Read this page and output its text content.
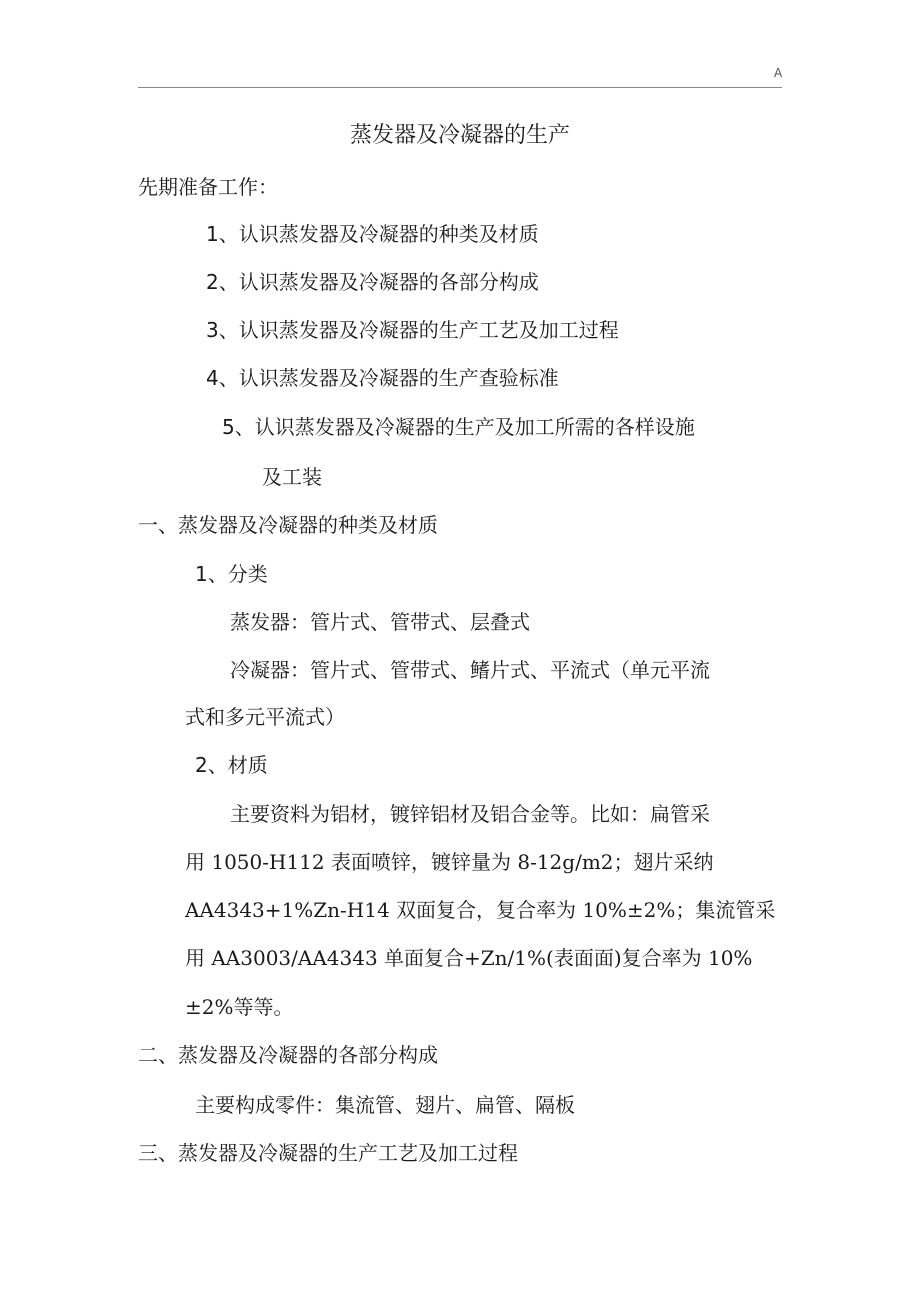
A
蒸发器及冷凝器的生产
先期准备工作：
1、认识蒸发器及冷凝器的种类及材质
2、认识蒸发器及冷凝器的各部分构成
3、认识蒸发器及冷凝器的生产工艺及加工过程
4、认识蒸发器及冷凝器的生产查验标准
5、认识蒸发器及冷凝器的生产及加工所需的各样设施
及工装
一、蒸发器及冷凝器的种类及材质
1、分类
蒸发器：管片式、管带式、层叠式
冷凝器：管片式、管带式、鳍片式、平流式（单元平流
式和多元平流式）
2、材质
主要资料为铝材，镀锌铝材及铝合金等。比如：扁管采
用 1050-H112 表面喷锌，镀锌量为 8-12g/m2；翅片采纳
AA4343+1%Zn-H14 双面复合，复合率为 10%±2%；集流管采
用 AA3003/AA4343 单面复合+Zn/1%(表面面)复合率为 10%
±2%等等。
二、蒸发器及冷凝器的各部分构成
主要构成零件：集流管、翅片、扁管、隔板
三、蒸发器及冷凝器的生产工艺及加工过程
